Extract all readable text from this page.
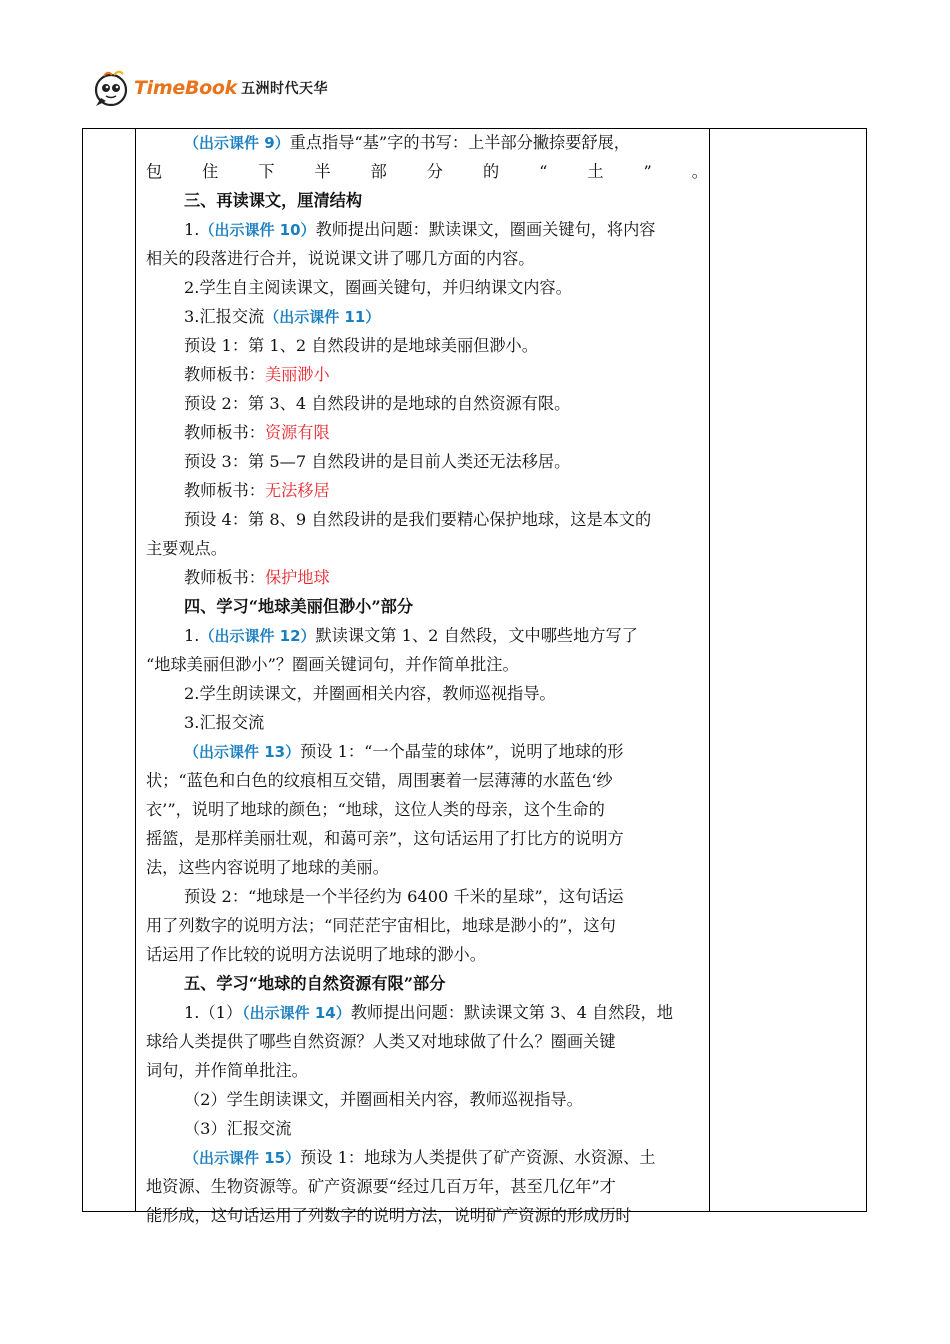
TimeBook 五洲时代天华
（出示课件 9）重点指导“基”字的书写：上半部分撇捺要舒展，
包住下半部分的“土”。
三、再读课文，厘清结构
1.（出示课件 10）教师提出问题：默读课文，圈画关键句，将内容
相关的段落进行合并，说说课文讲了哪几方面的内容。
2.学生自主阅读课文，圈画关键句，并归纳课文内容。
3.汇报交流（出示课件 11）
预设 1：第 1、2 自然段讲的是地球美丽但渺小。
教师板书：美丽渺小
预设 2：第 3、4 自然段讲的是地球的自然资源有限。
教师板书：资源有限
预设 3：第 5—7 自然段讲的是目前人类还无法移居。
教师板书：无法移居
预设 4：第 8、9 自然段讲的是我们要精心保护地球，这是本文的
主要观点。
教师板书：保护地球
四、学习“地球美丽但渺小”部分
1.（出示课件 12）默读课文第 1、2 自然段，文中哪些地方写了
“地球美丽但渺小”？圈画关键词句，并作简单批注。
2.学生朗读课文，并圈画相关内容，教师巡视指导。
3.汇报交流
（出示课件 13）预设 1：“一个晶莹的球体”，说明了地球的形
状；“蓝色和白色的纹痕相互交错，周围裹着一层薄薄的水蓝色‘纱
衣’”，说明了地球的颜色；“地球，这位人类的母亲，这个生命的
摇篮，是那样美丽壮观，和蔼可亲”，这句话运用了打比方的说明方
法，这些内容说明了地球的美丽。
预设 2：“地球是一个半径约为 6400 千米的星球”，这句话运
用了列数字的说明方法；“同茫茫宇宙相比，地球是渺小的”，这句
话运用了作比较的说明方法说明了地球的渺小。
五、学习“地球的自然资源有限”部分
1.（1）（出示课件 14）教师提出问题：默读课文第 3、4 自然段，地
球给人类提供了哪些自然资源？人类又对地球做了什么？圈画关键
词句，并作简单批注。
（2）学生朗读课文，并圈画相关内容，教师巡视指导。
（3）汇报交流
（出示课件 15）预设 1：地球为人类提供了矿产资源、水资源、土
地资源、生物资源等。矿产资源要“经过几百万年，甚至几亿年”才
能形成，这句话运用了列数字的说明方法，说明矿产资源的形成历时
